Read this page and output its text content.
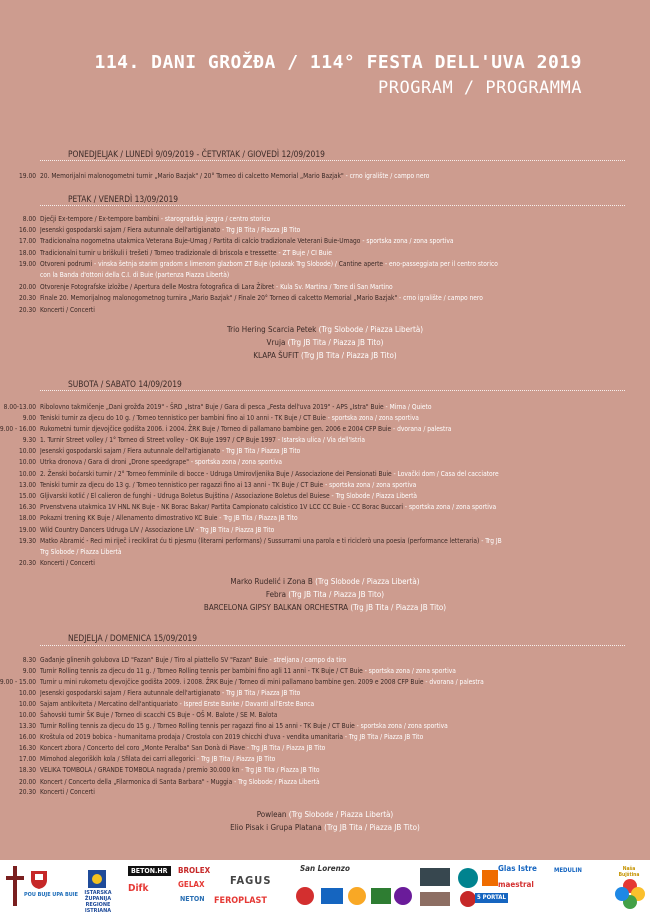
114. DANI GROŽĐA / 114° FESTA DELL'UVA 2019
PROGRAM / PROGRAMMA
PONEDJELJAK / LUNEDÌ 9/09/2019 - ČETVRTAK / GIOVEDÌ 12/09/2019
19.00 20. Memorijalni malonogometni turnir „Mario Bazjak" / 20° Torneo di calcetto Memorial „Mario Bazjak" - crno igralište / campo nero
PETAK / VENERDÌ 13/09/2019
8.00 Dječji Ex-tempore / Ex-tempore bambini - starogradska jezgra / centro storico
16.00 Jesenski gospodarski sajam / Fiera autunnale dell'artigianato - Trg JB Tita / Piazza JB Tito
17.00 Tradicionalna nogometna utakmica Veterana Buje-Umag / Partita di calcio tradizionale Veterani Buie-Umago - sportska zona / zona sportiva
18.00 Tradicionalni turnir u briškuli i trešeti / Torneo tradizionale di briscola e tressette - ZT Buje / CI Buie
19.00 Otvoreni podrumi - vinska šetnja starim gradom s limenom glazbom ZT Buje (polazak Trg Slobode) / Cantine aperte - eno-passeggiata per il centro storico
con la Banda d'ottoni della C.I. di Buie (partenza Piazza Libertà)
20.00 Otvorenje Fotografske izložbe / Apertura delle Mostra fotografica di Lara Žibret - Kula Sv. Martina / Torre di San Martino
20.30 Finale 20. Memorijalnog malonogometnog turnira „Mario Bazjak" / Finale 20° Torneo di calcetto Memorial „Mario Bazjak" - crno igralište / campo nero
20.30 Koncerti / Concerti
Trio Hering Scarcia Petek (Trg Slobode / Piazza Libertà)
Vruja (Trg JB Tita / Piazza JB Tito)
KLAPA ŠUFIT (Trg JB Tita / Piazza JB Tito)
SUBOTA / SABATO 14/09/2019
8.00-13.00 Ribolovno takmičenje „Dani grožđa 2019" - ŠRD „Istra" Buje / Gara di pesca „Festa dell'uva 2019" - APS „Istra" Buie - Mirna / Quieto
9.00 Teniski turnir za djecu do 10 g. / Torneo tennistico per bambini fino ai 10 anni - TK Buje / CT Buie - sportska zona / zona sportiva
9.00 - 16.00 Rukometni turnir djevojčice godišta 2006. i 2004. ŽRK Buje / Torneo di pallamano bambine gen. 2006 e 2004 CFP Buie - dvorana / palestra
9.30 1. Turnir Street volley / 1° Torneo di Street volley - OK Buje 1997 / CP Buje 1997 - Istarska ulica / Via dell'Istria
10.00 Jesenski gospodarski sajam / Fiera autunnale dell'artigianato - Trg JB Tita / Piazza JB Tito
10.00 Utrka dronova / Gara di droni „Drone speedgrape" - sportska zona / zona sportiva
10.00 2. Ženski boćarski turnir / 2° Torneo femminile di bocce - Udruga Umirovljenika Buje / Associazione dei Pensionati Buie - Lovački dom / Casa del cacciatore
13.00 Teniski turnir za djecu do 13 g. / Torneo tennistico per ragazzi fino ai 13 anni - TK Buje / CT Buie - sportska zona / zona sportiva
15.00 Gljivarski kotlić / El calieron de funghi - Udruga Boletus Bujština / Associazione Boletus del Buiese - Trg Slobode / Piazza Libertà
16.30 Prvenstvena utakmica 1V HNL NK Buje - NK Borac Bakar/ Partita Campionato calcistico 1V LCC CC Buie - CC Borac Buccari - sportska zona / zona sportiva
18.00 Pokazni trening KK Buje / Allenamento dimostrativo KC Buie - Trg JB Tita / Piazza JB Tito
19.00 Wild Country Dancers Udruga LIV / Associazione LIV - Trg JB Tita / Piazza JB Tito
19.30 Matko Abramić - Reci mi riječ i reciklirat ću ti pjesmu (literarni performans) / Sussurrami una parola e ti riciclerò una poesia (performance letteraria) - Trg JB
Trg Slobode / Piazza Libertà
20.30 Koncerti / Concerti
Marko Rudelić i Zona B (Trg Slobode / Piazza Libertà)
Febra (Trg JB Tita / Piazza JB Tito)
BARCELONA GIPSY BALKAN ORCHESTRA (Trg JB Tita / Piazza JB Tito)
NEDJELJA / DOMENICA 15/09/2019
8.30 Gađanje glinenih golubova LD "Fazan" Buje / Tiro al piattello SV "Fazan" Buie - streljana / campo da tiro
9.00 Turnir Rolling tennis za djecu do 11 g. / Torneo Rolling tennis per bambini fino agli 11 anni - TK Buje / CT Buie - sportska zona / zona sportiva
9.00 - 15.00 Turnir u mini rukometu djevojčice godišta 2009. i 2008. ŽRK Buje / Torneo di mini pallamano bambine gen. 2009 e 2008 CFP Buie - dvorana / palestra
10.00 Jesenski gospodarski sajam / Fiera autunnale dell'artigianato - Trg JB Tita / Piazza JB Tito
10.00 Sajam antikviteta / Mercatino dell'antiquariato - Ispred Erste Banke / Davanti all'Erste Banca
10.00 Šahovski turnir ŠK Buje / Torneo di scacchi CS Buje - OŠ M. Balote / SE M. Balota
13.30 Turnir Rolling tennis za djecu do 15 g. / Torneo Rolling tennis per ragazzi fino ai 15 anni - TK Buje / CT Buie - sportska zona / zona sportiva
16.00 Kroštula od 2019 bobica - humanitarna prodaja / Crostola con 2019 chicchi d'uva - vendita umanitaria - Trg JB Tita / Piazza JB Tito
16.30 Koncert zbora / Concerto del coro „Monte Peralba" San Donà di Piave - Trg JB Tita / Piazza JB Tito
17.00 Mimohod alegoriških kola / Sfilata dei carri allegorici - Trg JB Tita / Piazza JB Tito
18.30 VELIKA TOMBOLA / GRANDE TOMBOLA nagrada / premio 30.000 kn - Trg JB Tita / Piazza JB Tito
20.00 Koncert / Concerto della „Filarmonica di Santa Barbara" - Muggia - Trg Slobode / Piazza Libertà
20.30 Koncerti / Concerti
Powlean (Trg Slobode / Piazza Libertà)
Elio Pisak i Grupa Platana (Trg JB Tita / Piazza JB Tito)
POU BUJE UPA BUIE	ISTARSKA ŽUPANIJA REGIONE ISTRIANA
BETON.HR
Difk
BROLEX
GELAX
NETON
FAGUS
FEROPLAST
San Lorenzo
5 PORTAL
Glas Istre
maestral
MEDULIN	Naša Bujština
